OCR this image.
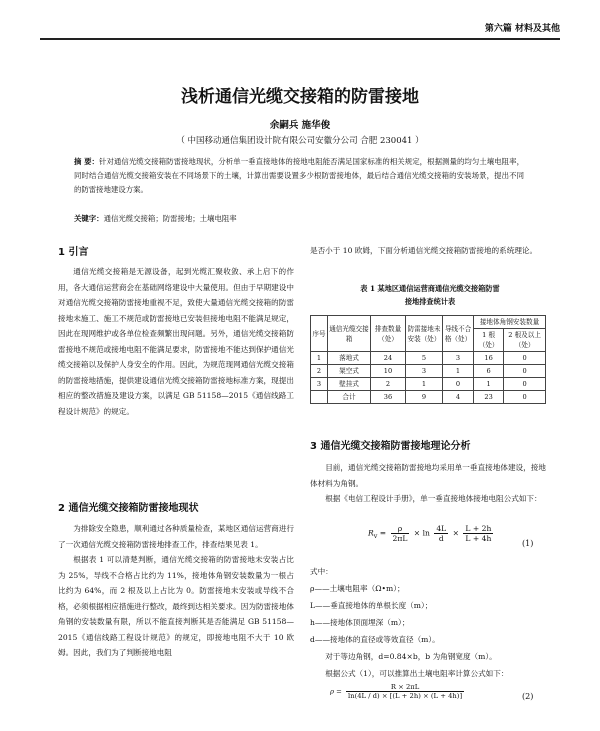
第六篇 材料及其他
浅析通信光缆交接箱的防雷接地
余嗣兵 施华俊
（ 中国移动通信集团设计院有限公司安徽分公司 合肥 230041 ）
摘 要：针对通信光缆交接箱防雷接地现状，分析单一垂直接地体的接地电阻能否满足国家标准的相关规定，根据测量的均匀土壤电阻率，同时结合通信光缆交接箱安装在不同场景下的土壤，计算出需要设置多少根防雷接地体，最后结合通信光缆交接箱的安装场景，提出不同的防雷接地建设方案。
关键字：通信光缆交接箱；防雷接地；土壤电阻率
1 引言

通信光缆交接箱是无源设备，起到光缆汇聚收敛、承上启下的作用，各大通信运营商会在基础网络建设中大量使用。但由于早期建设中对通信光缆交接箱防雷接地重视不足，致使大量通信光缆交接箱的防雷接地未施工、施工不规范或防雷接地已安装但接地电阻不能满足规定，因此在现网维护或各单位检查频繁出现问题。另外，通信光缆交接箱防雷接地不规范或接地电阻不能满足要求，防雷接地不能达到保护通信光缆交接箱以及保护人身安全的作用。因此，为规范现网通信光缆交接箱的防雷接地措施，提供建设通信光缆交接箱防雷接地标准方案，现提出相应的整改措施及建设方案，以满足 GB 51158—2015《通信线路工程设计规范》的规定。

2 通信光缆交接箱防雷接地现状

为排除安全隐患，顺利通过各种质量检查，某地区通信运营商进行了一次通信光缆交接箱防雷接地排查工作，排查结果见表 1。

根据表 1 可以清楚判断，通信光缆交接箱的防雷接地未安装占比为 25%，导线不合格占比约为 11%，接地体角钢安装数量为一根占比约为 64%，而 2 根及以上占比为 0。防雷接地未安装或导线不合格，必须根据相应措施进行整改，最终到达相关要求。因为防雷接地体角钢的安装数量有限，所以不能直接判断其是否能满足 GB 51158—2015《通信线路工程设计规范》的规定，即接地电阻不大于 10 欧姆。因此，我们为了判断接地电阻

是否小于 10 欧姆，下面分析通信光缆交接箱防雷接地的系统理论。

表 1 某地区通信运营商通信光缆交接箱防雷
接地排查统计表
序号	通信光缆交接箱	排查数量（处）	防雷接地未安装（处）	导线不合格（处）	接地体角钢安装数量	
					1 根（处）	2 根及以上（处）
1	落地式	24	5	3	16	0
2	架空式	10	3	1	6	0
3	壁挂式	2	1	0	1	0
	合计	36	9	4	23	0
3 通信光缆交接箱防雷接地理论分析

目前，通信光缆交接箱防雷接地均采用单一垂直接地体建设，接地体材料为角钢。

根据《电信工程设计手册》，单一垂直接地体接地电阻公式如下：

$R_v = \frac{\rho}{2\pi L} \times \ln \frac{4L}{d} \times \frac{L + 2h}{L + 4h}$
(1)
式中：
ρ——土壤电阻率（Ω•m）；
L——垂直接地体的单根长度（m）；
h——接地体顶面埋深（m）；
d——接地体的直径或等效直径（m）。
对于等边角钢，d=0.84×b，b 为角钢宽度（m）。
根据公式（1），可以推算出土壤电阻率计算公式如下：
$\rho = \frac{R \times 2\pi L}{\ln(4L / d) \times [(L + 2h) \times (L + 4h)]}$	(2)
